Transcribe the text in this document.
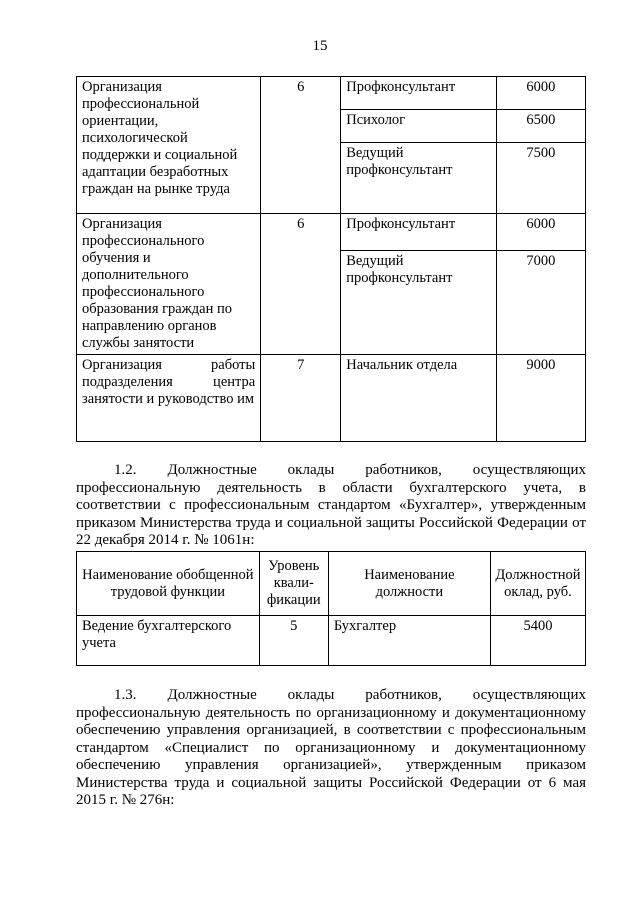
15
Организация профессиональной ориентации, психологической поддержки и социальной адаптации безработных граждан на рынке труда	6	Профконсультант	6000
		Психолог	6500
		Ведущий профконсультант	7500
Организация профессионального обучения и дополнительного профессионального образования граждан по направлению органов службы занятости	6	Профконсультант	6000
		Ведущий профконсультант	7000
Организация работы подразделения центра занятости и руководство им	7	Начальник отдела	9000
1.2. Должностные оклады работников, осуществляющих профессиональную деятельность в области бухгалтерского учета, в соответствии с профессиональным стандартом «Бухгалтер», утвержденным приказом Министерства труда и социальной защиты Российской Федерации от 22 декабря 2014 г. № 1061н:
Наименование обобщенной трудовой функции	Уровень квали-фикации	Наименование должности	Должностной оклад, руб.
Ведение бухгалтерского учета	5	Бухгалтер	5400
1.3. Должностные оклады работников, осуществляющих профессиональную деятельность по организационному и документационному обеспечению управления организацией, в соответствии с профессиональным стандартом «Специалист по организационному и документационному обеспечению управления организацией», утвержденным приказом Министерства труда и социальной защиты Российской Федерации от 6 мая 2015 г. № 276н:
